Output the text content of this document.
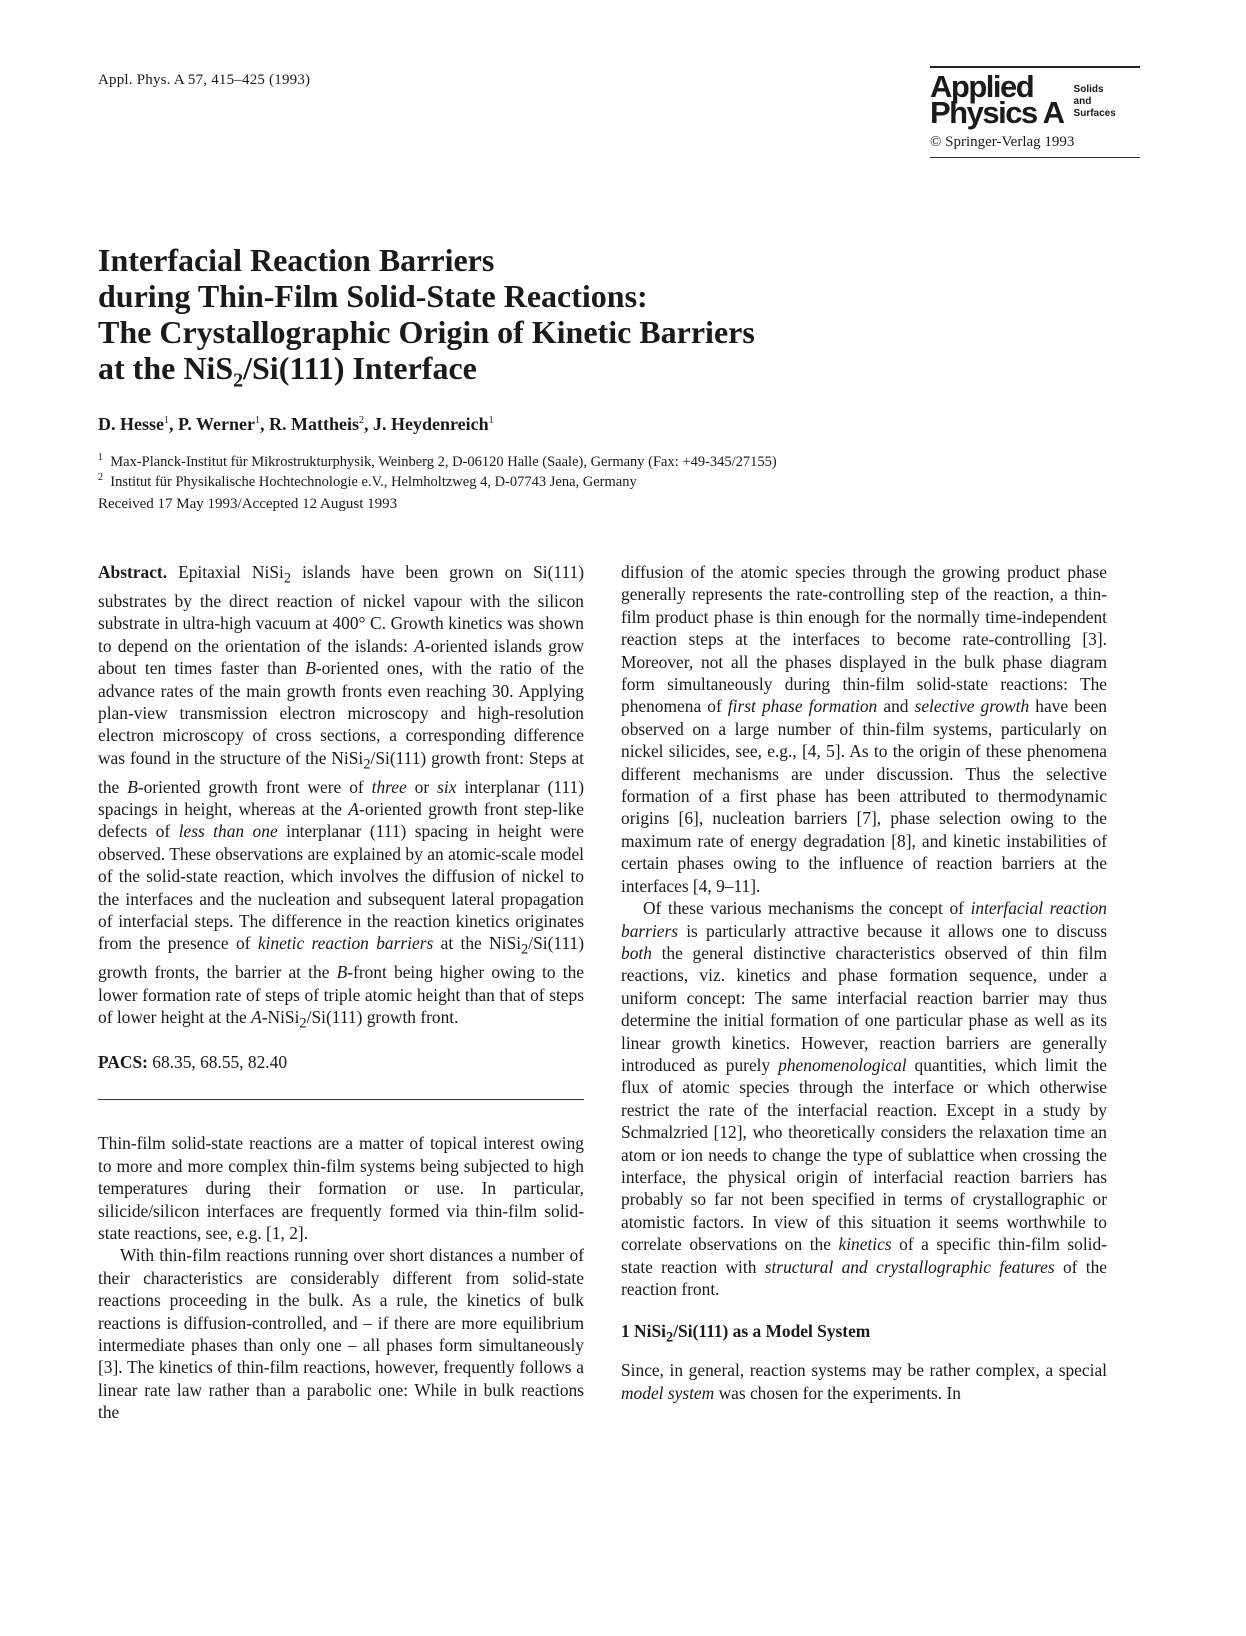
Appl. Phys. A 57, 415–425 (1993)	Applied
Physics A
Solids
and
Surfaces
© Springer-Verlag 1993
Interfacial Reaction Barriers
during Thin-Film Solid-State Reactions:
The Crystallographic Origin of Kinetic Barriers
at the NiS$_2$/Si(111) Interface
D. Hesse$^1$, P. Werner$^1$, R. Mattheis$^2$, J. Heydenreich$^1$
$^1$ Max-Planck-Institut für Mikrostrukturphysik, Weinberg 2, D-06120 Halle (Saale), Germany (Fax: +49-345/27155)
$^2$ Institut für Physikalische Hochtechnologie e.V., Helmholtzweg 4, D-07743 Jena, Germany
Received 17 May 1993/Accepted 12 August 1993

Abstract. Epitaxial NiSi$_2$ islands have been grown on Si(111) substrates by the direct reaction of nickel vapour with the silicon substrate in ultra-high vacuum at 400° C. Growth kinetics was shown to depend on the orientation of the islands: A-oriented islands grow about ten times faster than B-oriented ones, with the ratio of the advance rates of the main growth fronts even reaching 30. Applying plan-view transmission electron microscopy and high-resolution electron microscopy of cross sections, a corresponding difference was found in the structure of the NiSi$_2$/Si(111) growth front: Steps at the B-oriented growth front were of three or six interplanar (111) spacings in height, whereas at the A-oriented growth front step-like defects of less than one interplanar (111) spacing in height were observed. These observations are explained by an atomic-scale model of the solid-state reaction, which involves the diffusion of nickel to the interfaces and the nucleation and subsequent lateral propagation of interfacial steps. The difference in the reaction kinetics originates from the presence of kinetic reaction barriers at the NiSi$_2$/Si(111) growth fronts, the barrier at the B-front being higher owing to the lower formation rate of steps of triple atomic height than that of steps of lower height at the A-NiSi$_2$/Si(111) growth front.

PACS: 68.35, 68.55, 82.40

Thin-film solid-state reactions are a matter of topical interest owing to more and more complex thin-film systems being subjected to high temperatures during their formation or use. In particular, silicide/silicon interfaces are frequently formed via thin-film solid-state reactions, see, e.g. [1, 2].

With thin-film reactions running over short distances a number of their characteristics are considerably different from solid-state reactions proceeding in the bulk. As a rule, the kinetics of bulk reactions is diffusion-controlled, and – if there are more equilibrium intermediate phases than only one – all phases form simultaneously [3]. The kinetics of thin-film reactions, however, frequently follows a linear rate law rather than a parabolic one: While in bulk reactions the

diffusion of the atomic species through the growing product phase generally represents the rate-controlling step of the reaction, a thin-film product phase is thin enough for the normally time-independent reaction steps at the interfaces to become rate-controlling [3]. Moreover, not all the phases displayed in the bulk phase diagram form simultaneously during thin-film solid-state reactions: The phenomena of first phase formation and selective growth have been observed on a large number of thin-film systems, particularly on nickel silicides, see, e.g., [4, 5]. As to the origin of these phenomena different mechanisms are under discussion. Thus the selective formation of a first phase has been attributed to thermodynamic origins [6], nucleation barriers [7], phase selection owing to the maximum rate of energy degradation [8], and kinetic instabilities of certain phases owing to the influence of reaction barriers at the interfaces [4, 9–11].

Of these various mechanisms the concept of interfacial reaction barriers is particularly attractive because it allows one to discuss both the general distinctive characteristics observed of thin film reactions, viz. kinetics and phase formation sequence, under a uniform concept: The same interfacial reaction barrier may thus determine the initial formation of one particular phase as well as its linear growth kinetics. However, reaction barriers are generally introduced as purely phenomenological quantities, which limit the flux of atomic species through the interface or which otherwise restrict the rate of the interfacial reaction. Except in a study by Schmalzried [12], who theoretically considers the relaxation time an atom or ion needs to change the type of sublattice when crossing the interface, the physical origin of interfacial reaction barriers has probably so far not been specified in terms of crystallographic or atomistic factors. In view of this situation it seems worthwhile to correlate observations on the kinetics of a specific thin-film solid-state reaction with structural and crystallographic features of the reaction front.

1 NiSi$_2$/Si(111) as a Model System

Since, in general, reaction systems may be rather complex, a special model system was chosen for the experiments. In
